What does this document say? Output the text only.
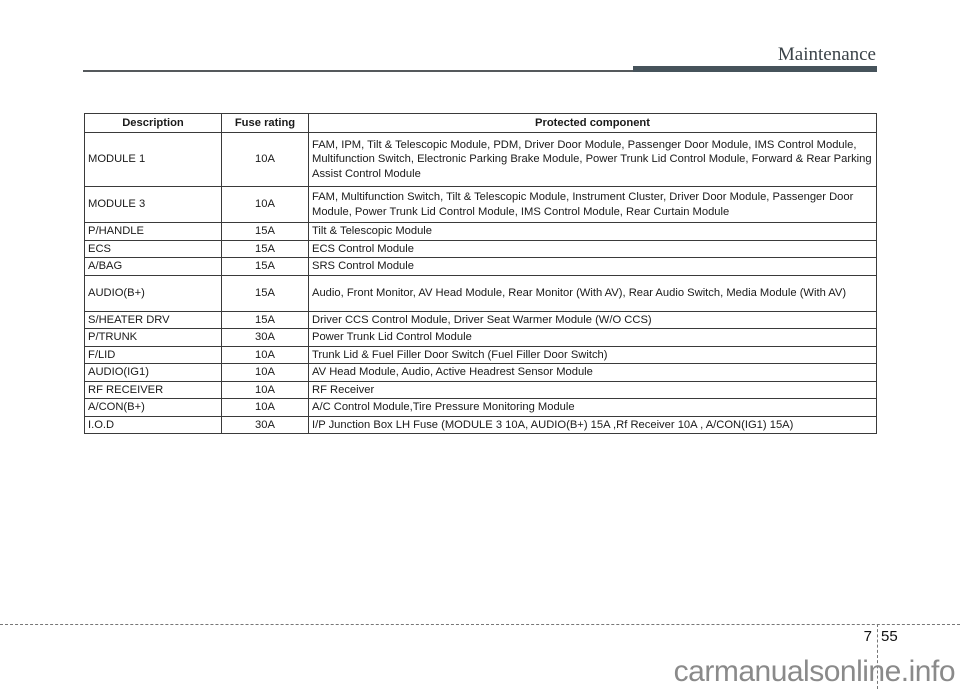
Maintenance
Description	Fuse rating	Protected component
MODULE 1	10A	FAM, IPM, Tilt & Telescopic Module, PDM, Driver Door Module, Passenger Door Module, IMS Control Module, Multifunction Switch, Electronic Parking Brake Module, Power Trunk Lid Control Module, Forward & Rear Parking Assist Control Module
MODULE 3	10A	FAM, Multifunction Switch, Tilt & Telescopic Module, Instrument Cluster, Driver Door Module, Passenger Door Module, Power Trunk Lid Control Module, IMS Control Module, Rear Curtain Module
P/HANDLE	15A	Tilt & Telescopic Module
ECS	15A	ECS Control Module
A/BAG	15A	SRS Control Module
AUDIO(B+)	15A	Audio, Front Monitor, AV Head Module, Rear Monitor (With AV), Rear Audio Switch, Media Module (With AV)
S/HEATER DRV	15A	Driver CCS Control Module, Driver Seat Warmer Module (W/O CCS)
P/TRUNK	30A	Power Trunk Lid Control Module
F/LID	10A	Trunk Lid & Fuel Filler Door Switch (Fuel Filler Door Switch)
AUDIO(IG1)	10A	AV Head Module, Audio, Active Headrest Sensor Module
RF RECEIVER	10A	RF Receiver
A/CON(B+)	10A	A/C Control Module,Tire Pressure Monitoring Module
I.O.D	30A	I/P Junction Box LH Fuse (MODULE 3 10A, AUDIO(B+) 15A ,Rf Receiver 10A , A/CON(IG1) 15A)
7 55
carmanualsonline.info
